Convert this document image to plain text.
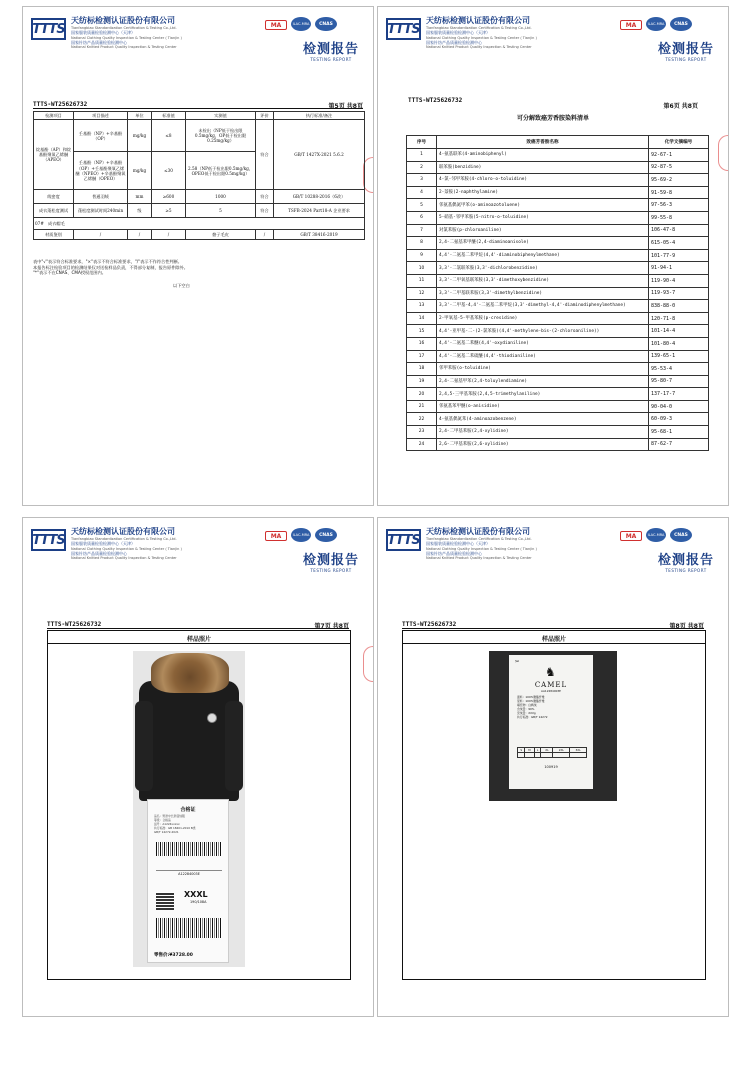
TTTS
天纺标检测认证股份有限公司
Tianfangbiao Standardization Certification & Testing Co.,Ltd.
国家服装质量检验检测中心（天津）
National Clothing Quality Inspection & Testing Center ( Tianjin )
国家针纺产品质量检验检测中心
National Knitted Product Quality Inspection & Testing Center
MA	ILAC-MRA	CNAS
检测报告
TESTING REPORT
TTTS-WT25626732	第5页 共8页
检测项目	项目描述	单位	标准值	实测值	评价	执行标准/备注
烷基酚（AP）和烷基酚聚氧乙烯醚（APEO）	壬基酚（NP）+辛基酚（OP）	mg/kg	≤8	未检出（NP低于检出限0.5mg/kg，OP低于检出限0.25mg/kg）	符合	GB/T 1427X-2021 5.6.2
	壬基酚（NP）+辛基酚（OP）+壬基酚聚氧乙烯醚（NPEO）+辛基酚聚氧乙烯醚（OPEO）	mg/kg	≤30	2.58（NP低于检出限0.5mg/kg，OPEO低于检出限0.5mg/kg）		
线密度	普通羽绒	mm	≥600	1000	符合	GB/T 10288-2016（6改）
成衣蓬松度测试	蓬松度测试时间240min	级	≥5	5	符合	TSFB-2024 Part18-A 企业要求
07#　成衣帽毛						
材质鉴别	/	/	/	貉子毛皮	/	GB/T 38416-2019
表中"√"表示符合标准要求，"×"表示不符合标准要求，"/"表示不作符合性判断。
本报告标注检验项目的检测结果仅对送检样品负责，不得部分复制，报告原件除外。
"*"表示不在CNAS、CMA授权范围内。
以下空白
TTTS
天纺标检测认证股份有限公司
Tianfangbiao Standardization Certification & Testing Co.,Ltd.
国家服装质量检验检测中心（天津）
National Clothing Quality Inspection & Testing Center ( Tianjin )
国家针纺产品质量检验检测中心
National Knitted Product Quality Inspection & Testing Center
MA	ILAC-MRA	CNAS
检测报告
TESTING REPORT
TTTS-WT25626732
第6页 共8页
可分解致癌芳香胺染料清单
序号	致癌芳香胺名称	化学文摘编号
1	4-氨基联苯(4-aminobiphenyl)	92-67-1
2	联苯胺(benzidine)	92-87-5
3	4-氯-邻甲苯胺(4-chloro-o-toluidine)	95-69-2
4	2-萘胺(2-naphthylamine)	91-59-8
5	邻氨基偶氮甲苯(o-aminoazotoluene)	97-56-3
6	5-硝基-邻甲苯胺(5-nitro-o-toluidine)	99-55-8
7	对氯苯胺(p-chloroaniline)	106-47-8
8	2,4-二氨基苯甲醚(2,4-diaminoanisole)	615-05-4
9	4,4'-二氨基二苯甲烷(4,4'-diaminobiphenylmethane)	101-77-9
10	3,3'-二氯联苯胺(3,3'-dichlorobenzidine)	91-94-1
11	3,3'-二甲氧基联苯胺(3,3'-dimethoxybenzidine)	119-90-4
12	3,3'-二甲基联苯胺(3,3'-dimethylbenzidine)	119-93-7
13	3,3'-二甲基-4,4'-二氨基二苯甲烷(3,3'-dimethyl-4,4'-diaminodiphenylmethane)	838-88-0
14	2-甲氧基-5-甲基苯胺(p-cresidine)	120-71-8
15	4,4'-亚甲基-二-(2-氯苯胺)(4,4'-methylene-bis-(2-chloroaniline))	101-14-4
16	4,4'-二氨基二苯醚(4,4'-oxydianiline)	101-80-4
17	4,4'-二氨基二苯硫醚(4,4'-thiodianiline)	139-65-1
18	邻甲苯胺(o-toluidine)	95-53-4
19	2,4-二氨基甲苯(2,4-toluylendiamine)	95-80-7
20	2,4,5-三甲基苯胺(2,4,5-trimethylaniline)	137-17-7
21	邻氨基苯甲醚(o-anisidine)	90-04-0
22	4-氨基偶氮苯(4-aminoazobenzene)	60-09-3
23	2,4-二甲基苯胺(2,4-xylidine)	95-68-1
24	2,6-二甲基苯胺(2,6-xylidine)	87-62-7
TTTS
天纺标检测认证股份有限公司
Tianfangbiao Standardization Certification & Testing Co.,Ltd.
国家服装质量检验检测中心（天津）
National Clothing Quality Inspection & Testing Center ( Tianjin )
国家针纺产品质量检验检测中心
National Knitted Product Quality Inspection & Testing Center
MA	ILAC-MRA	CNAS
检测报告
TESTING REPORT
TTTS-WT25626732	第7页 共8页
样品照片
合格证
品名：男款中长款羽绒服
等级：合格品
货号：A1224xxxxx
执行标准：GB 18401-2010 B类
GB/T 14272-2021
A12284003E
XXXL
190/108A
零售价:¥3728.00
TTTS
天纺标检测认证股份有限公司
Tianfangbiao Standardization Certification & Testing Co.,Ltd.
国家服装质量检验检测中心（天津）
National Clothing Quality Inspection & Testing Center ( Tianjin )
国家针纺产品质量检验检测中心
National Knitted Product Quality Inspection & Testing Center
MA	ILAC-MRA	CNAS
检测报告
TESTING REPORT
TTTS-WT25626732	第8页 共8页
样品照片
✂
♞
CAMEL
AA12284003E
面料：100%聚酯纤维
里料：100%聚酯纤维
填充物：白鸭绒
含绒量：90%
充绒量：XXXg
执行标准：GB/T 14272
S	M	L	XL	2XL	3XL

100919
